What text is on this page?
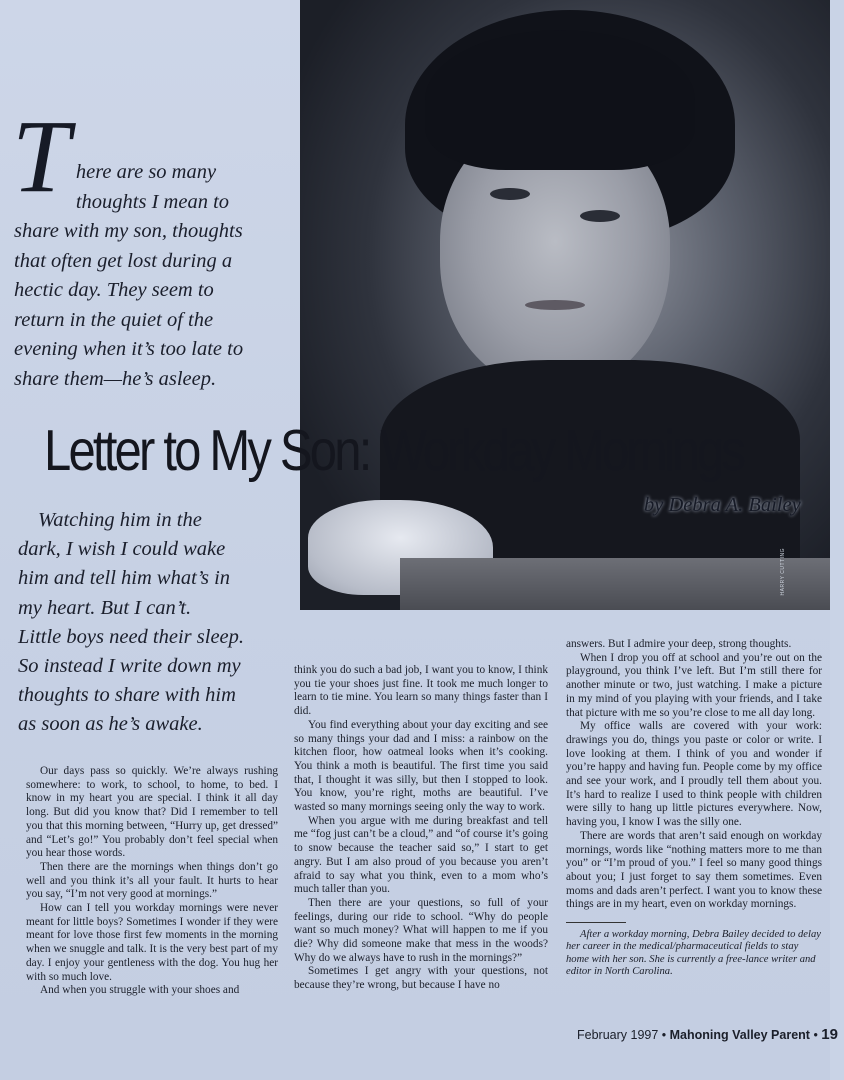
HARRY CUTTING
T here are so many
thoughts I mean to
share with my son, thoughts
that often get lost during a
hectic day. They seem to
return in the quiet of the
evening when it’s too late to
share them—he’s asleep.
Letter to My Son: Workday Mornings
by Debra A. Bailey
Watching him in the
dark, I wish I could wake
him and tell him what’s in
my heart. But I can’t.
Little boys need their sleep.
So instead I write down my
thoughts to share with him
as soon as he’s awake.

Our days pass so quickly. We’re always rushing somewhere: to work, to school, to home, to bed. I know in my heart you are special. I think it all day long. But did you know that? Did I remember to tell you that this morning between, “Hurry up, get dressed” and “Let’s go!” You probably don’t feel special when you hear those words.

Then there are the mornings when things don’t go well and you think it’s all your fault. It hurts to hear you say, “I’m not very good at mornings.”

How can I tell you workday mornings were never meant for little boys? Sometimes I wonder if they were meant for love those first few moments in the morning when we snuggle and talk. It is the very best part of my day. I enjoy your gentleness with the dog. You hug her with so much love.

And when you struggle with your shoes and

think you do such a bad job, I want you to know, I think you tie your shoes just fine. It took me much longer to learn to tie mine. You learn so many things faster than I did.

You find everything about your day exciting and see so many things your dad and I miss: a rainbow on the kitchen floor, how oatmeal looks when it’s cooking. You think a moth is beautiful. The first time you said that, I thought it was silly, but then I stopped to look. You know, you’re right, moths are beautiful. I’ve wasted so many mornings seeing only the way to work.

When you argue with me during breakfast and tell me “fog just can’t be a cloud,” and “of course it’s going to snow because the teacher said so,” I start to get angry. But I am also proud of you because you aren’t afraid to say what you think, even to a mom who’s much taller than you.

Then there are your questions, so full of your feelings, during our ride to school. “Why do people want so much money? What will happen to me if you die? Why did someone make that mess in the woods? Why do we always have to rush in the mornings?”

Sometimes I get angry with your questions, not because they’re wrong, but because I have no

answers. But I admire your deep, strong thoughts.

When I drop you off at school and you’re out on the playground, you think I’ve left. But I’m still there for another minute or two, just watching. I make a picture in my mind of you playing with your friends, and I take that picture with me so you’re close to me all day long.

My office walls are covered with your work: drawings you do, things you paste or color or write. I love looking at them. I think of you and wonder if you’re happy and having fun. People come by my office and see your work, and I proudly tell them about you. It’s hard to realize I used to think people with children were silly to hang up little pictures everywhere. Now, having you, I know I was the silly one.

There are words that aren’t said enough on workday mornings, words like “nothing matters more to me than you” or “I’m proud of you.” I feel so many good things about you; I just forget to say them sometimes. Even moms and dads aren’t perfect. I want you to know these things are in my heart, even on workday mornings.

After a workday morning, Debra Bailey decided to delay her career in the medical/pharmaceutical fields to stay home with her son. She is currently a free-lance writer and editor in North Carolina.

February 1997 • Mahoning Valley Parent • 19
